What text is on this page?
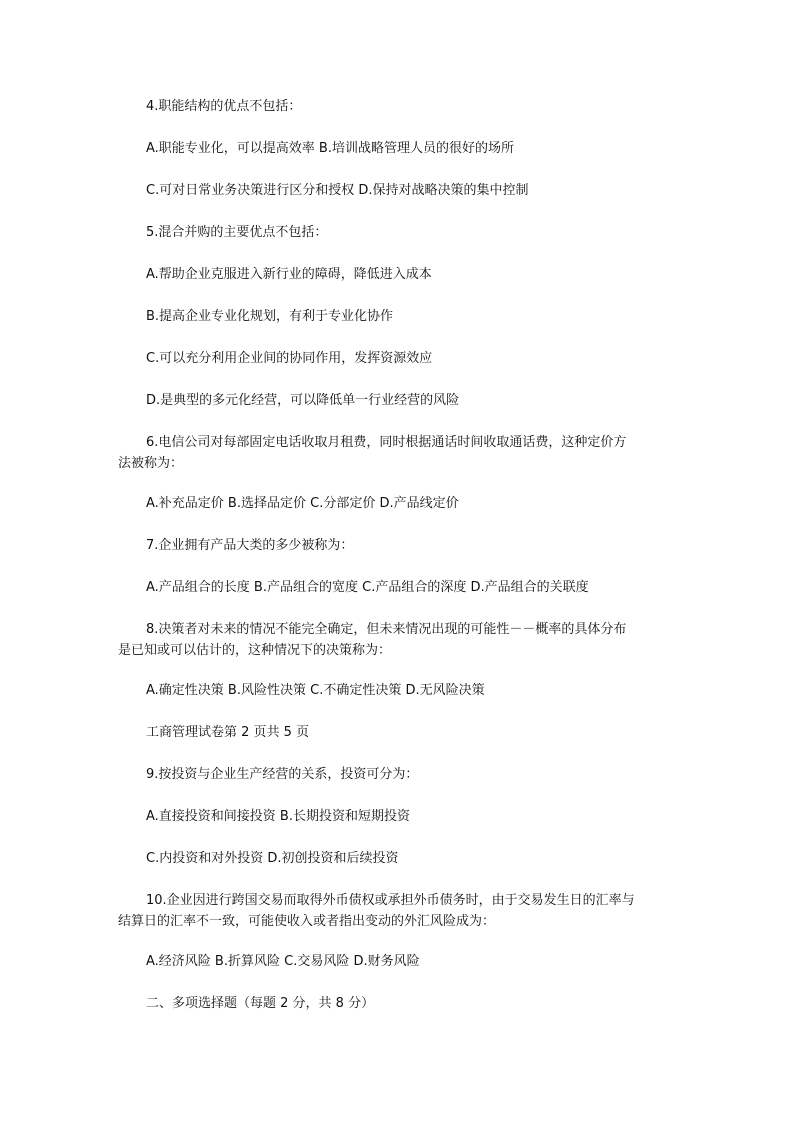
4.职能结构的优点不包括：
A.职能专业化，可以提高效率 B.培训战略管理人员的很好的场所
C.可对日常业务决策进行区分和授权 D.保持对战略决策的集中控制
5.混合并购的主要优点不包括：
A.帮助企业克服进入新行业的障碍，降低进入成本
B.提高企业专业化规划，有利于专业化协作
C.可以充分利用企业间的协同作用，发挥资源效应
D.是典型的多元化经营，可以降低单一行业经营的风险
6.电信公司对每部固定电话收取月租费，同时根据通话时间收取通话费，这种定价方
法被称为：
A.补充品定价 B.选择品定价 C.分部定价 D.产品线定价
7.企业拥有产品大类的多少被称为：
A.产品组合的长度 B.产品组合的宽度 C.产品组合的深度 D.产品组合的关联度
8.决策者对未来的情况不能完全确定，但未来情况出现的可能性－－概率的具体分布
是已知或可以估计的，这种情况下的决策称为：
A.确定性决策 B.风险性决策 C.不确定性决策 D.无风险决策
工商管理试卷第 2 页共 5 页
9.按投资与企业生产经营的关系，投资可分为：
A.直接投资和间接投资 B.长期投资和短期投资
C.内投资和对外投资 D.初创投资和后续投资
10.企业因进行跨国交易而取得外币债权或承担外币债务时，由于交易发生日的汇率与
结算日的汇率不一致，可能使收入或者指出变动的外汇风险成为：
A.经济风险 B.折算风险 C.交易风险 D.财务风险
二、多项选择题（每题 2 分，共 8 分）
